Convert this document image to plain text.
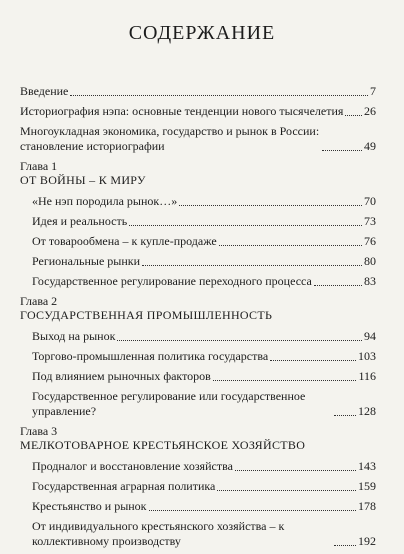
СОДЕРЖАНИЕ
Введение	7
Историография нэпа: основные тенденции нового тысячелетия 26
Многоукладная экономика, государство и рынок в России: становление историографии	49
Глава 1
ОТ ВОЙНЫ – К МИРУ
«Не нэп породила рынок…»	70
Идея и реальность	73
От товарообмена – к купле-продаже	76
Региональные рынки	80
Государственное регулирование переходного процесса	83
Глава 2
ГОСУДАРСТВЕННАЯ ПРОМЫШЛЕННОСТЬ
Выход на рынок	94
Торгово-промышленная политика государства	103
Под влиянием рыночных факторов	116
Государственное регулирование или государственное управление?	128
Глава 3
МЕЛКОТОВАРНОЕ КРЕСТЬЯНСКОЕ ХОЗЯЙСТВО
Продналог и восстановление хозяйства	143
Государственная аграрная политика	159
Крестьянство и рынок	178
От индивидуального крестьянского хозяйства – к коллективному производству	192
